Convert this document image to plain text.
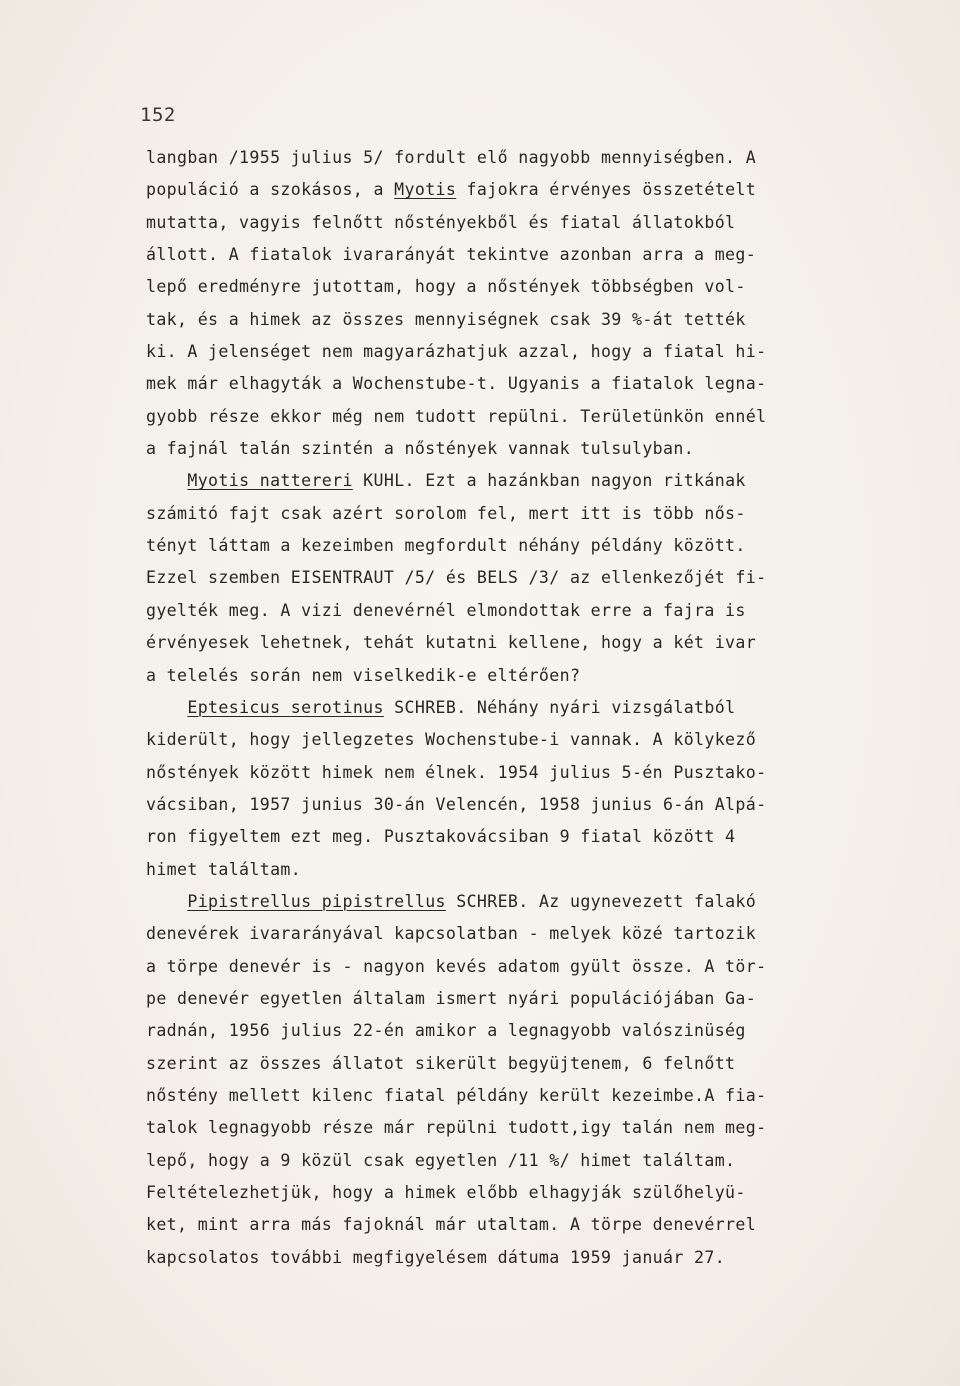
152
langban /1955 julius 5/ fordult elő nagyobb mennyiségben. A
populáció a szokásos, a Myotis fajokra érvényes összetételt
mutatta, vagyis felnőtt nőstényekből és fiatal állatokból
állott. A fiatalok ivararányát tekintve azonban arra a meg-
lepő eredményre jutottam, hogy a nőstények többségben vol-
tak, és a himek az összes mennyiségnek csak 39 %-át tették
ki. A jelenséget nem magyarázhatjuk azzal, hogy a fiatal hi-
mek már elhagyták a Wochenstube-t. Ugyanis a fiatalok legna-
gyobb része ekkor még nem tudott repülni. Területünkön ennél
a fajnál talán szintén a nőstények vannak tulsulyban.
Myotis nattereri KUHL. Ezt a hazánkban nagyon ritkának
számitó fajt csak azért sorolom fel, mert itt is több nős-
tényt láttam a kezeimben megfordult néhány példány között.
Ezzel szemben EISENTRAUT /5/ és BELS /3/ az ellenkezőjét fi-
gyelték meg. A vizi denevérnél elmondottak erre a fajra is
érvényesek lehetnek, tehát kutatni kellene, hogy a két ivar
a telelés során nem viselkedik-e eltérően?
Eptesicus serotinus SCHREB. Néhány nyári vizsgálatból
kiderült, hogy jellegzetes Wochenstube-i vannak. A kölykező
nőstények között himek nem élnek. 1954 julius 5-én Pusztako-
vácsiban, 1957 junius 30-án Velencén, 1958 junius 6-án Alpá-
ron figyeltem ezt meg. Pusztakovácsiban 9 fiatal között 4
himet találtam.
Pipistrellus pipistrellus SCHREB. Az ugynevezett falakó
denevérek ivararányával kapcsolatban - melyek közé tartozik
a törpe denevér is - nagyon kevés adatom gyült össze. A tör-
pe denevér egyetlen általam ismert nyári populációjában Ga-
radnán, 1956 julius 22-én amikor a legnagyobb valószinüség
szerint az összes állatot sikerült begyüjtenem, 6 felnőtt
nőstény mellett kilenc fiatal példány került kezeimbe.A fia-
talok legnagyobb része már repülni tudott,igy talán nem meg-
lepő, hogy a 9 közül csak egyetlen /11 %/ himet találtam.
Feltételezhetjük, hogy a himek előbb elhagyják szülőhelyü-
ket, mint arra más fajoknál már utaltam. A törpe denevérrel
kapcsolatos további megfigyelésem dátuma 1959 január 27.
